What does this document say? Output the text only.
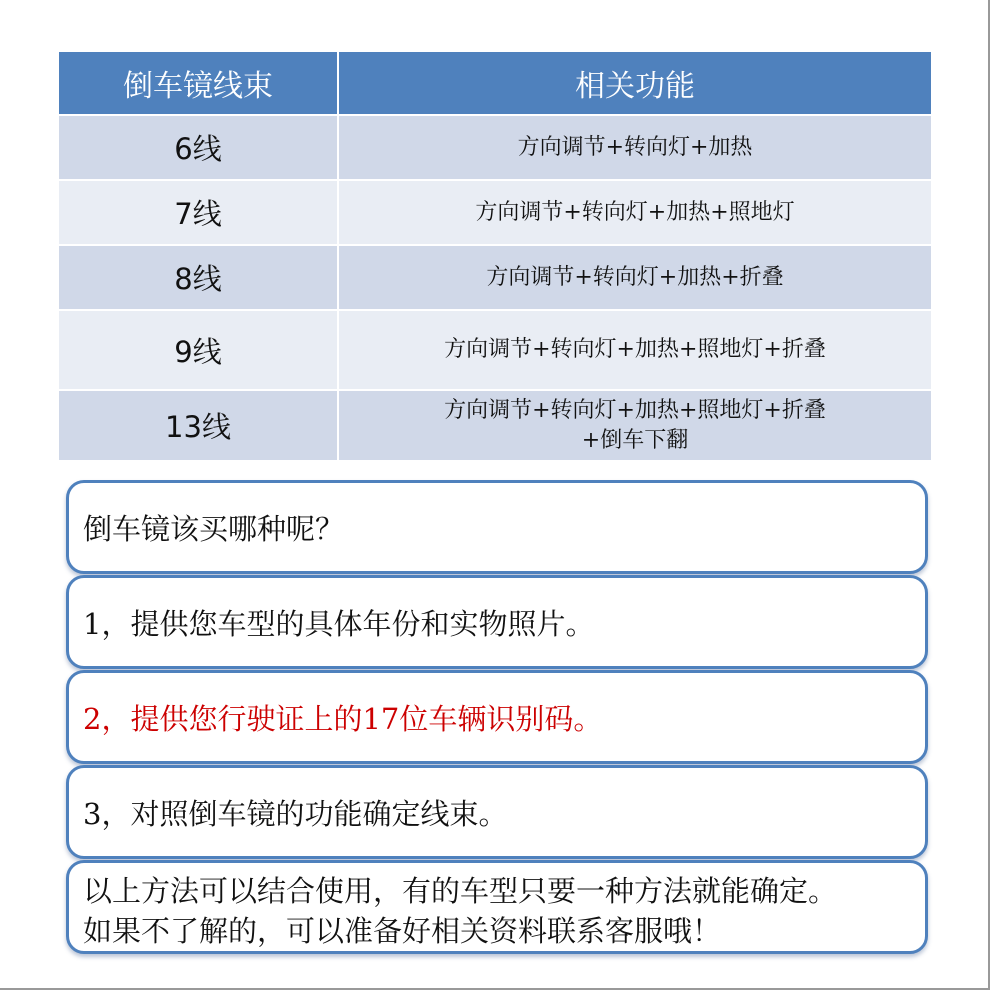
倒车镜线束	相关功能
6线	方向调节+转向灯+加热

7线	方向调节+转向灯+加热+照地灯

8线	方向调节+转向灯+加热+折叠

9线	方向调节+转向灯+加热+照地灯+折叠

13线	方向调节+转向灯+加热+照地灯+折叠
+倒车下翻
倒车镜该买哪种呢？
1，提供您车型的具体年份和实物照片。
2，提供您行驶证上的17位车辆识别码。
3，对照倒车镜的功能确定线束。
以上方法可以结合使用，有的车型只要一种方法就能确定。
如果不了解的，可以准备好相关资料联系客服哦！
